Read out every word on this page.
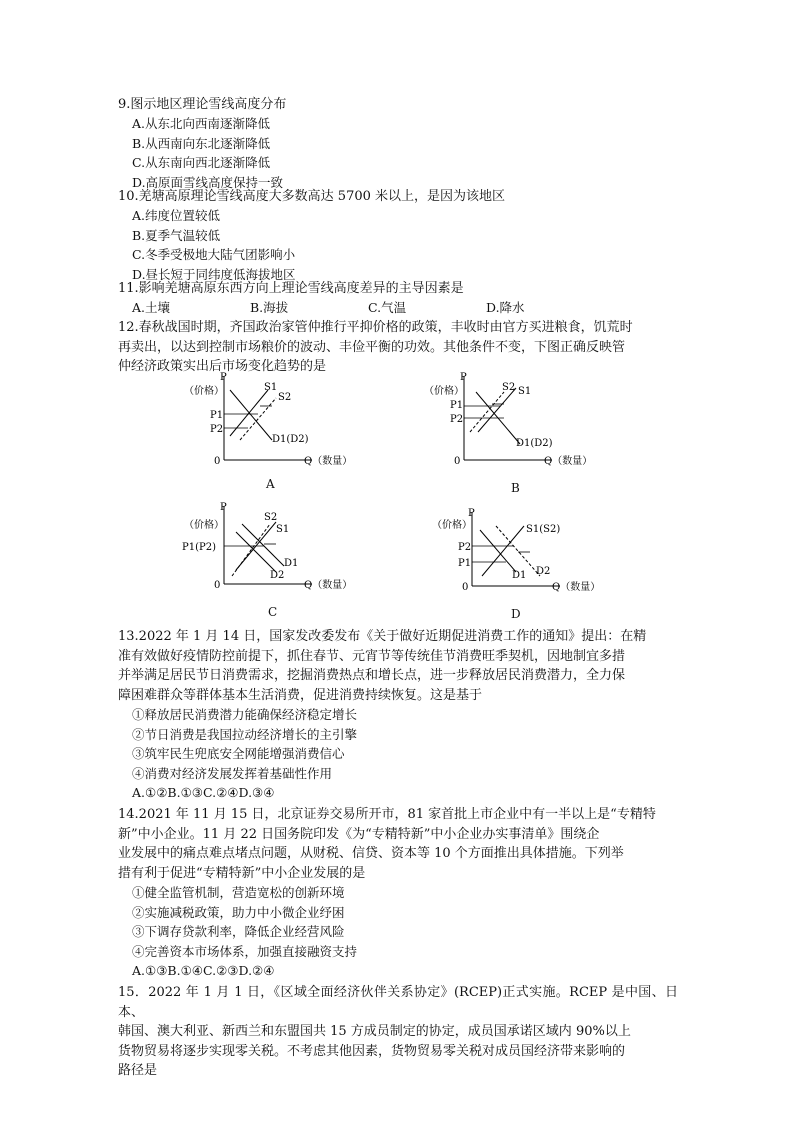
9.图示地区理论雪线高度分布

A.从东北向西南逐渐降低

B.从西南向东北逐渐降低

C.从东南向西北逐渐降低

D.高原面雪线高度保持一致

10.羌塘高原理论雪线高度大多数高达 5700 米以上，是因为该地区

A.纬度位置较低

B.夏季气温较低

C.冬季受极地大陆气团影响小

D.昼长短于同纬度低海拔地区

11.影响羌塘高原东西方向上理论雪线高度差异的主导因素是

A.土壤	B.海拔	C.气温	D.降水

12.春秋战国时期，齐国政治家管仲推行平抑价格的政策，丰收时由官方买进粮食，饥荒时

再卖出，以达到控制市场粮价的波动、丰俭平衡的功效。其他条件不变，下图正确反映管

仲经济政策实出后市场变化趋势的是

P
（价格）
0	Q（数量）
P1
P2
S1
S2
D1(D2)
A
P
（价格）
0	Q（数量）
P1
P2
S2 S1
D1(D2)
B
P
（价格）
0	Q（数量）
P1(P2)
S2
S1
D1
D2
C
P
（价格）
0	Q（数量）
P2
P1
S1(S2)
D1 D2
D

13.2022 年 1 月 14 日，国家发改委发布《关于做好近期促进消费工作的通知》提出：在精

准有效做好疫情防控前提下，抓住春节、元宵节等传统佳节消费旺季契机，因地制宜多措

并举满足居民节日消费需求，挖掘消费热点和增长点，进一步释放居民消费潜力，全力保

障困难群众等群体基本生活消费，促进消费持续恢复。这是基于

①释放居民消费潜力能确保经济稳定增长

②节日消费是我国拉动经济增长的主引擎

③筑牢民生兜底安全网能增强消费信心

④消费对经济发展发挥着基础性作用

A.①②B.①③C.②④D.③④

14.2021 年 11 月 15 日，北京证券交易所开市，81 家首批上市企业中有一半以上是“专精特

新”中小企业。11 月 22 日国务院印发《为“专精特新”中小企业办实事清单》围绕企

业发展中的痛点难点堵点问题，从财税、信贷、资本等 10 个方面推出具体措施。下列举

措有利于促进“专精特新”中小企业发展的是

①健全监管机制，营造宽松的创新环境

②实施减税政策，助力中小微企业纾困

③下调存贷款利率，降低企业经营风险

④完善资本市场体系，加强直接融资支持

A.①③B.①④C.②③D.②④

15．2022 年 1 月 1 日，《区域全面经济伙伴关系协定》(RCEP)正式实施。RCEP 是中国、日本、

韩国、澳大利亚、新西兰和东盟国共 15 方成员制定的协定，成员国承诺区域内 90%以上

货物贸易将逐步实现零关税。不考虑其他因素，货物贸易零关税对成员国经济带来影响的

路径是
